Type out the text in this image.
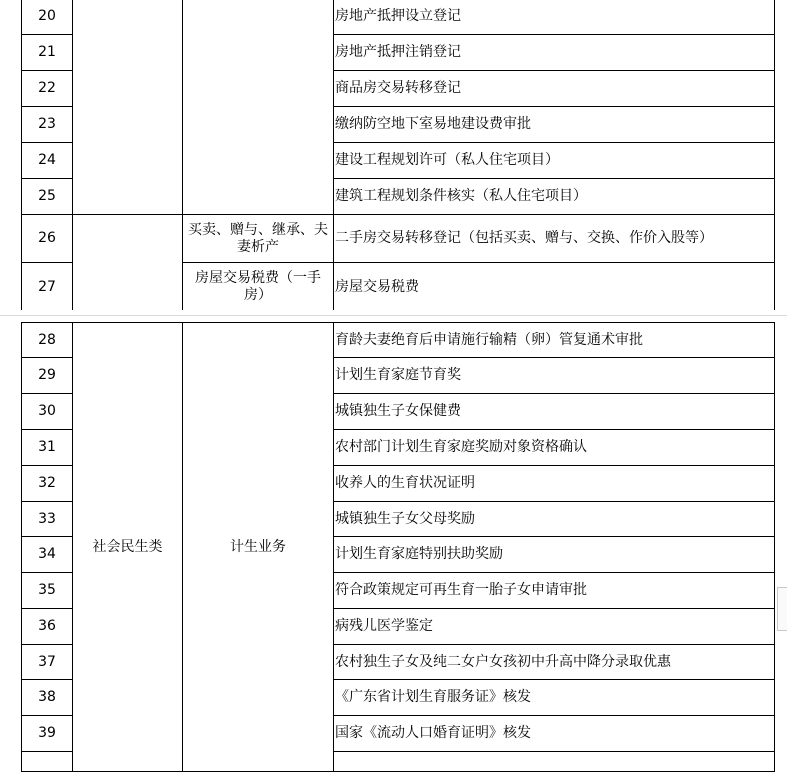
20			房地产抵押设立登记
21			房地产抵押注销登记
22			商品房交易转移登记
23			缴纳防空地下室易地建设费审批
24			建设工程规划许可（私人住宅项目）
25			建筑工程规划条件核实（私人住宅项目）
26		买卖、赠与、继承、夫妻析产	二手房交易转移登记（包括买卖、赠与、交换、作价入股等）
27		房屋交易税费（一手房）	房屋交易税费
28	社会民生类	计生业务	育龄夫妻绝育后申请施行输精（卵）管复通术审批
29			计划生育家庭节育奖
30			城镇独生子女保健费
31			农村部门计划生育家庭奖励对象资格确认
32			收养人的生育状况证明
33			城镇独生子女父母奖励
34			计划生育家庭特别扶助奖励
35			符合政策规定可再生育一胎子女申请审批
36			病残儿医学鉴定
37			农村独生子女及纯二女户女孩初中升高中降分录取优惠
38			《广东省计划生育服务证》核发
39			国家《流动人口婚育证明》核发
